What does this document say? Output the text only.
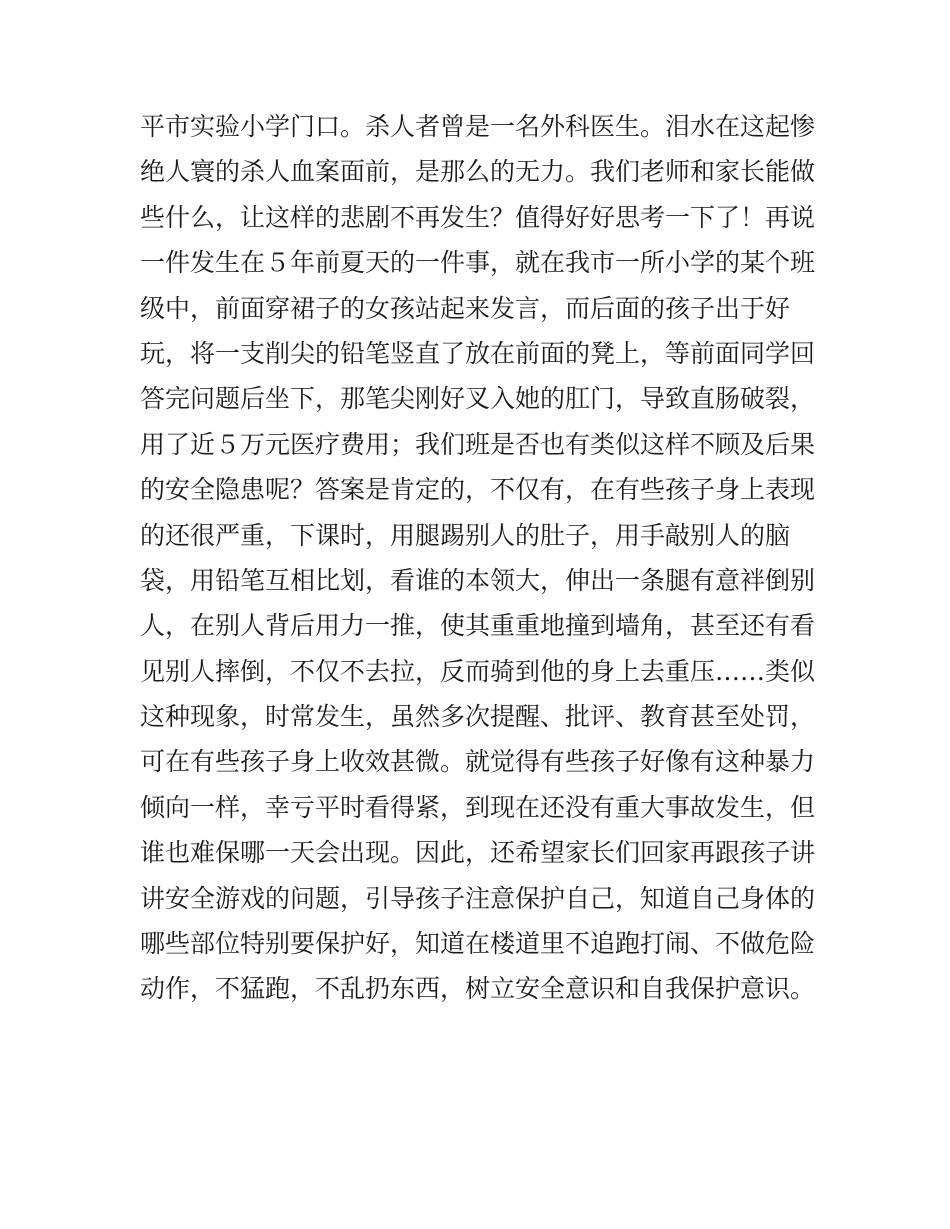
平市实验小学门口。杀人者曾是一名外科医生。泪水在这起惨
绝人寰的杀人血案面前，是那么的无力。我们老师和家长能做
些什么，让这样的悲剧不再发生？值得好好思考一下了！再说
一件发生在５年前夏天的一件事，就在我市一所小学的某个班
级中，前面穿裙子的女孩站起来发言，而后面的孩子出于好
玩，将一支削尖的铅笔竖直了放在前面的凳上，等前面同学回
答完问题后坐下，那笔尖刚好叉入她的肛门，导致直肠破裂，
用了近５万元医疗费用；我们班是否也有类似这样不顾及后果
的安全隐患呢？答案是肯定的，不仅有，在有些孩子身上表现
的还很严重，下课时，用腿踢别人的肚子，用手敲别人的脑
袋，用铅笔互相比划，看谁的本领大，伸出一条腿有意袢倒别
人，在别人背后用力一推，使其重重地撞到墙角，甚至还有看
见别人摔倒，不仅不去拉，反而骑到他的身上去重压……类似
这种现象，时常发生，虽然多次提醒、批评、教育甚至处罚，
可在有些孩子身上收效甚微。就觉得有些孩子好像有这种暴力
倾向一样，幸亏平时看得紧，到现在还没有重大事故发生，但
谁也难保哪一天会出现。因此，还希望家长们回家再跟孩子讲
讲安全游戏的问题，引导孩子注意保护自己，知道自己身体的
哪些部位特别要保护好，知道在楼道里不追跑打闹、不做危险
动作，不猛跑，不乱扔东西，树立安全意识和自我保护意识。
